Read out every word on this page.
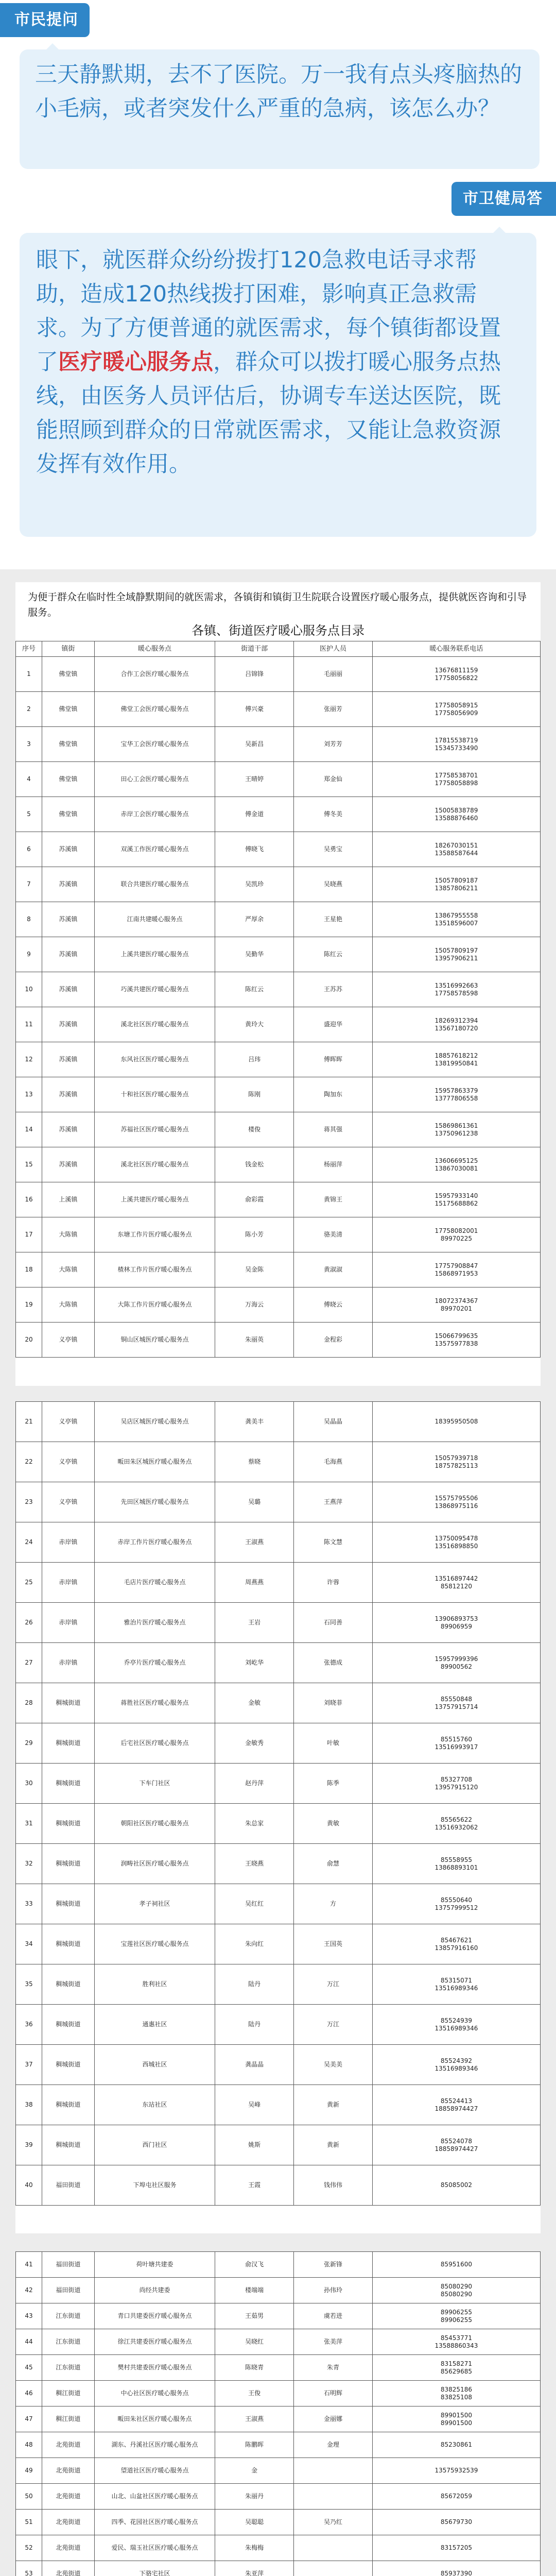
市民提问
三天静默期，去不了医院。万一我有点头疼脑热的小毛病，或者突发什么严重的急病，该怎么办？
市卫健局答
眼下，就医群众纷纷拨打120急救电话寻求帮助，造成120热线拨打困难，影响真正急救需求。为了方便普通的就医需求，每个镇街都设置了医疗暖心服务点，群众可以拨打暖心服务点热线，由医务人员评估后，协调专车送达医院，既能照顾到群众的日常就医需求，又能让急救资源发挥有效作用。
为便于群众在临时性全域静默期间的就医需求，各镇街和镇街卫生院联合设置医疗暖心服务点，提供就医咨询和引导服务。
各镇、街道医疗暖心服务点目录
序号	镇街	暖心服务点	街道干部	医护人员	暖心服务联系电话
1	佛堂镇	合作工会医疗暖心服务点	吕锦锋	毛丽丽	13676811159
17758056822
2	佛堂镇	佛堂工会医疗暖心服务点	傅兴豪	张丽芳	17758058915
17758056909
3	佛堂镇	宝华工会医疗暖心服务点	吴新昌	刘芳芳	17815538719
15345733490
4	佛堂镇	田心工会医疗暖心服务点	王晴婷	郑金仙	17758538701
17758058898
5	佛堂镇	赤岸工会医疗暖心服务点	傅金道	傅冬美	15005838789
13588876460
6	苏溪镇	双溪工作医疗暖心服务点	傅晓飞	吴勇宝	18267030151
13588587644
7	苏溪镇	联合共建医疗暖心服务点	吴凯珍	吴晓燕	15057809187
13857806211
8	苏溪镇	江南共建暖心服务点	严厚余	王星艳	13867955558
13518596007
9	苏溪镇	上溪共建医疗暖心服务点	吴勤华	陈红云	15057809197
13957906211
10	苏溪镇	巧溪共建医疗暖心服务点	陈红云	王苏苏	13516992663
17758578598
11	苏溪镇	溪北社区医疗暖心服务点	黄玲大	盛迎华	18269312394
13567180720
12	苏溪镇	东风社区医疗暖心服务点	吕玮	傅晖晖	18857618212
13819950841
13	苏溪镇	十和社区医疗暖心服务点	陈刚	陶加东	15957863379
13777806558
14	苏溪镇	苏福社区医疗暖心服务点	楼俊	蒋其强	15869861361
13750961238
15	苏溪镇	溪北社区医疗暖心服务点	钱金松	杨丽萍	13606695125
13867030081
16	上溪镇	上溪共建医疗暖心服务点	俞彩霞	黄锦王	15957933140
15175688862
17	大陈镇	东塘工作片医疗暖心服务点	陈小芳	骆美清	17758082001
89970225
18	大陈镇	楂林工作片医疗暖心服务点	吴金陈	黄淑淑	17757908847
15868971953
19	大陈镇	大陈工作片医疗暖心服务点	万海云	傅晓云	18072374367
89970201
20	义亭镇	铜山区城医疗暖心服务点	朱丽英	金程彩	15066799635
13575977838
21	义亭镇	吴店区城医疗暖心服务点	龚美丰	吴晶晶	18395950508
22	义亭镇	畈田朱区城医疗暖心服务点	蔡晓	毛海燕	15057939718
18757825113
23	义亭镇	先田区城医疗暖心服务点	吴璐	王燕萍	15575795506
13868975116
24	赤岸镇	赤岸工作片医疗暖心服务点	王淑燕	陈文慧	13750095478
13516898850
25	赤岸镇	毛店片医疗暖心服务点	周燕燕	许蓉	13516897442
85812120
26	赤岸镇	雅治片医疗暖心服务点	王岩	石同善	13906893753
89906959
27	赤岸镇	乔亭片医疗暖心服务点	刘屹华	张德成	15957999396
89900562
28	稠城街道	蒋胜社区医疗暖心服务点	金敏	刘晓菲	85550848
13757915714
29	稠城街道	后宅社区医疗暖心服务点	金敏秀	叶敏	85515760
13516993917
30	稠城街道	下车门社区	赵丹萍	陈季	85327708
13957915120
31	稠城街道	朝阳社区医疗暖心服务点	朱总家	黄敏	85565622
13516932062
32	稠城街道	润畴社区医疗暖心服务点	王晓燕	俞慧	85558955
13868893101
33	稠城街道	孝子祠社区	吴红红	方	85550640
13757999512
34	稠城街道	宝莲社区医疗暖心服务点	朱向红	王国英	85467621
13857916160
35	稠城街道	胜利社区	陆丹	万江	85315071
13516989346
36	稠城街道	通惠社区	陆丹	万江	85524939
13516989346
37	稠城街道	西城社区	龚晶晶	吴美美	85524392
13516989346
38	稠城街道	东站社区	吴峰	黄新	85524413
18858974427
39	稠城街道	西门社区	姚斯	黄新	85524078
18858974427
40	福田街道	下埠屯社区服务	王霞	钱伟伟	85085002
41	福田街道	荷叶塘共建委	俞汉飞	张新锋	85951600
42	福田街道	尚经共建委	楼端端	孙伟玲	85080290
85080290
43	江东街道	青口共建委医疗暖心服务点	王茹男	虞若进	89906255
89906255
44	江东街道	徐江共建委医疗暖心服务点	吴晓红	张美萍	85453771
13588860343
45	江东街道	樊村共建委医疗暖心服务点	陈晓青	朱青	83158271
85629685
46	稠江街道	中心社区医疗暖心服务点	王俊	石明辉	83825186
83825108
47	稠江街道	畈田朱社区医疗暖心服务点	王淑燕	金丽娜	89901500
89901500
48	北苑街道	湖东、丹溪社区医疗暖心服务点	陈鹏晖	金理	85230861
49	北苑街道	望道社区医疗暖心服务点	金		13575932539
50	北苑街道	山北、山盆社区医疗暖心服务点	朱丽丹		85672059
51	北苑街道	四季、花园社区医疗暖心服务点	吴聪聪	吴乃红	85679730
52	北苑街道	爱民、瑞玉社区医疗暖心服务点	朱梅梅		83157205
53	北苑街道	下骆宅社区	朱亚萍		85937390
